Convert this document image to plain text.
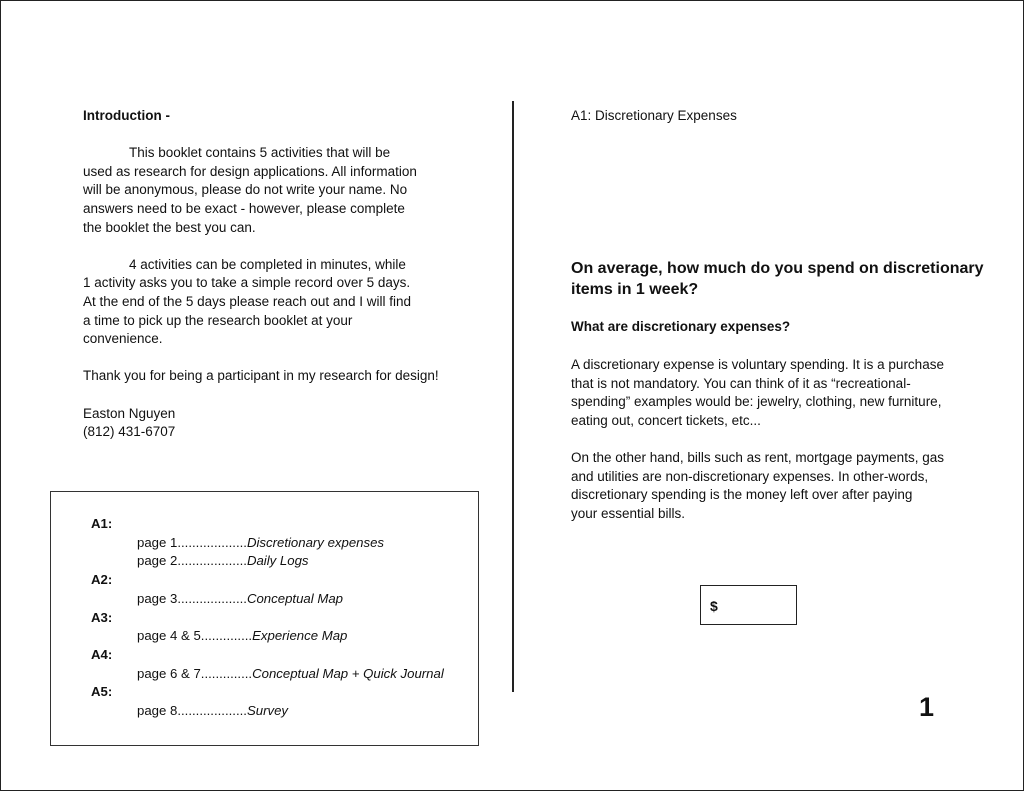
Introduction -
This booklet contains 5 activities that will be
used as research for design applications. All information
will be anonymous, please do not write your name. No
answers need to be exact - however, please complete
the booklet the best you can.
4 activities can be completed in minutes, while
1 activity asks you to take a simple record over 5 days.
At the end of the 5 days please reach out and I will find
a time to pick up the research booklet at your
convenience.
Thank you for being a participant in my research for design!
Easton Nguyen
(812) 431-6707
A1:
page 1...................Discretionary expenses
page 2...................Daily Logs
A2:
page 3...................Conceptual Map
A3:
page 4 & 5..............Experience Map
A4:
page 6 & 7..............Conceptual Map + Quick Journal
A5:
page 8...................Survey
A1: Discretionary Expenses
On average, how much do you spend on discretionary items in 1 week?
What are discretionary expenses?
A discretionary expense is voluntary spending. It is a purchase
that is not mandatory. You can think of it as “recreational-
spending” examples would be: jewelry, clothing, new furniture,
eating out, concert tickets, etc...
On the other hand, bills such as rent, mortgage payments, gas
and utilities are non-discretionary expenses. In other-words,
discretionary spending is the money left over after paying
your essential bills.
$
1
